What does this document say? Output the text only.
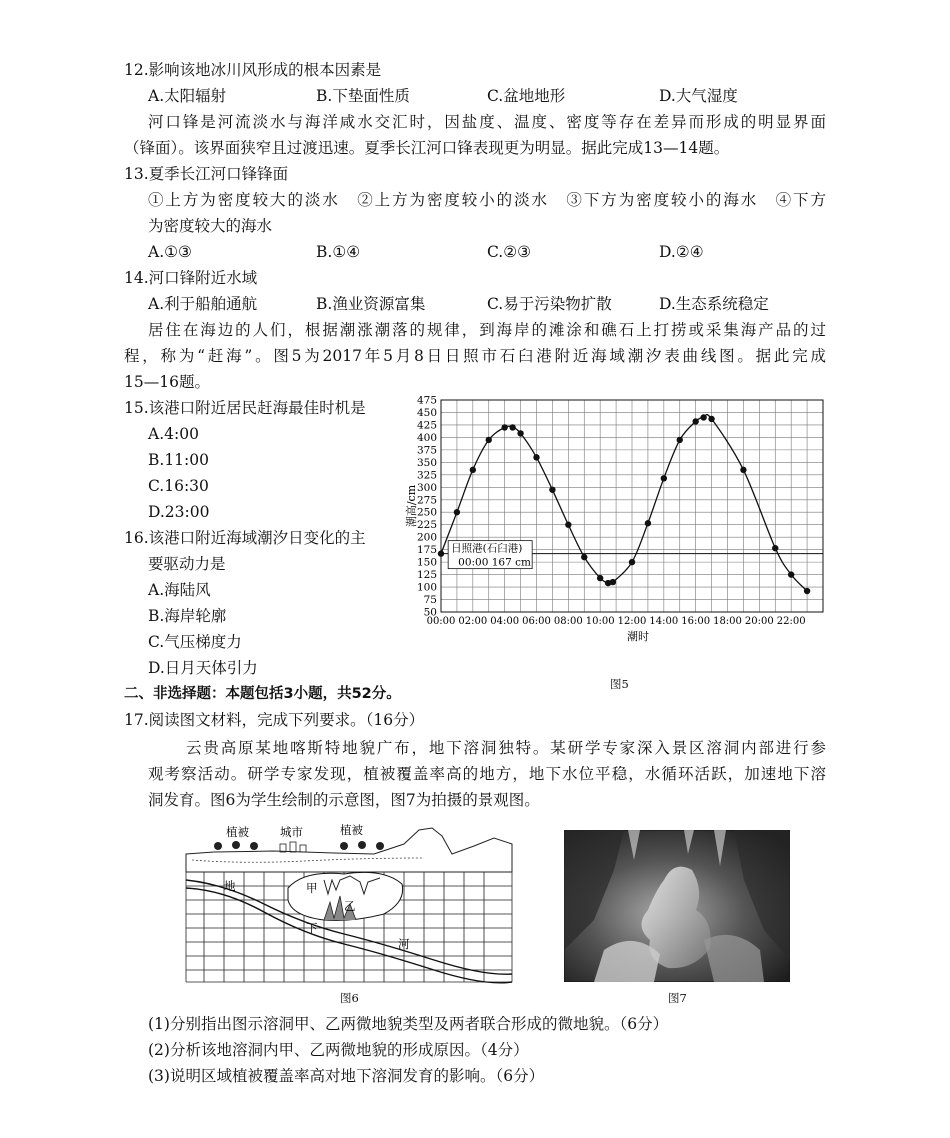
12.影响该地冰川风形成的根本因素是
A.太阳辐射	B.下垫面性质	C.盆地地形	D.大气湿度
河口锋是河流淡水与海洋咸水交汇时，因盐度、温度、密度等存在差异而形成的明显界面
（锋面）。该界面狭窄且过渡迅速。夏季长江河口锋表现更为明显。据此完成13—14题。
13.夏季长江河口锋锋面
①上方为密度较大的淡水　②上方为密度较小的淡水　③下方为密度较小的海水　④下方
为密度较大的海水
A.①③	B.①④	C.②③	D.②④
14.河口锋附近水域
A.利于船舶通航	B.渔业资源富集	C.易于污染物扩散	D.生态系统稳定
居住在海边的人们，根据潮涨潮落的规律，到海岸的滩涂和礁石上打捞或采集海产品的过
程，称为“赶海”。图5为2017年5月8日日照市石臼港附近海域潮汐表曲线图。据此完成
15—16题。
15.该港口附近居民赶海最佳时机是
A.4:00
B.11:00
C.16:30
D.23:00
16.该港口附近海域潮汐日变化的主
要驱动力是
A.海陆风
B.海岸轮廓
C.气压梯度力
D.日月天体引力
50
75
100
125
150
175
200
225
250
275
300
325
350
375
400
425
450
475
00:00 02:00 04:00 06:00 08:00 10:00 12:00 14:00 16:00 18:00 20:00 22:00
日照港(石臼港)
00:00 167 cm
潮高/cm
潮时
图5
二、非选择题：本题包括3小题，共52分。
17.阅读图文材料，完成下列要求。（16分）
云贵高原某地喀斯特地貌广布，地下溶洞独特。某研学专家深入景区溶洞内部进行参
观考察活动。研学专家发现，植被覆盖率高的地方，地下水位平稳，水循环活跃，加速地下溶
洞发育。图6为学生绘制的示意图，图7为拍摄的景观图。
植被	城市	植被
甲
乙
地
下
河
图6	图7
(1)分别指出图示溶洞甲、乙两微地貌类型及两者联合形成的微地貌。（6分）
(2)分析该地溶洞内甲、乙两微地貌的形成原因。（4分）
(3)说明区域植被覆盖率高对地下溶洞发育的影响。（6分）
